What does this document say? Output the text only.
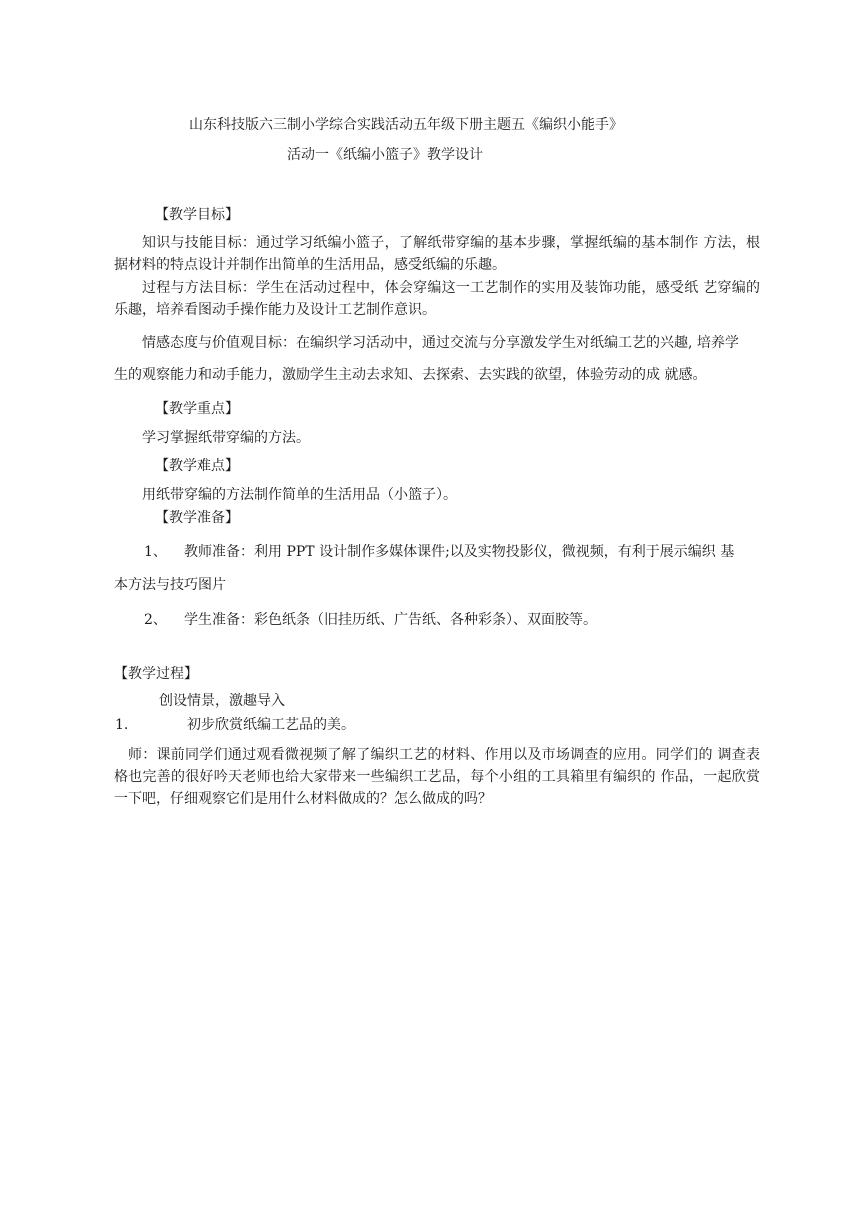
山东科技版六三制小学综合实践活动五年级下册主题五《编织小能手》
活动一《纸编小篮子》教学设计
【教学目标】
知识与技能目标：通过学习纸编小篮子，了解纸带穿编的基本步骤，掌握纸编的基本制作 方法，根据材料的特点设计并制作出简单的生活用品，感受纸编的乐趣。
过程与方法目标：学生在活动过程中，体会穿编这一工艺制作的实用及装饰功能，感受纸 艺穿编的乐趣，培养看图动手操作能力及设计工艺制作意识。
情感态度与价值观目标：在编织学习活动中，通过交流与分享激发学生对纸编工艺的兴趣, 培养学
生的观察能力和动手能力，激励学生主动去求知、去探索、去实践的欲望，体验劳动的成 就感。
【教学重点】
学习掌握纸带穿编的方法。
【教学难点】
用纸带穿编的方法制作简单的生活用品（小篮子）。
【教学准备】
1、 教师准备：利用 PPT 设计制作多媒体课件;以及实物投影仪，微视频，有利于展示编织 基
本方法与技巧图片
2、 学生准备：彩色纸条（旧挂历纸、广告纸、各种彩条）、双面胶等。
【教学过程】
创设情景，激趣导入
1.	初步欣赏纸编工艺品的美。
师：课前同学们通过观看微视频了解了编织工艺的材料、作用以及市场调查的应用。同学们的 调查表格也完善的很好吟天老师也给大家带来一些编织工艺品，每个小组的工具箱里有编织的 作品，一起欣赏一下吧，仔细观察它们是用什么材料做成的？怎么做成的吗？
